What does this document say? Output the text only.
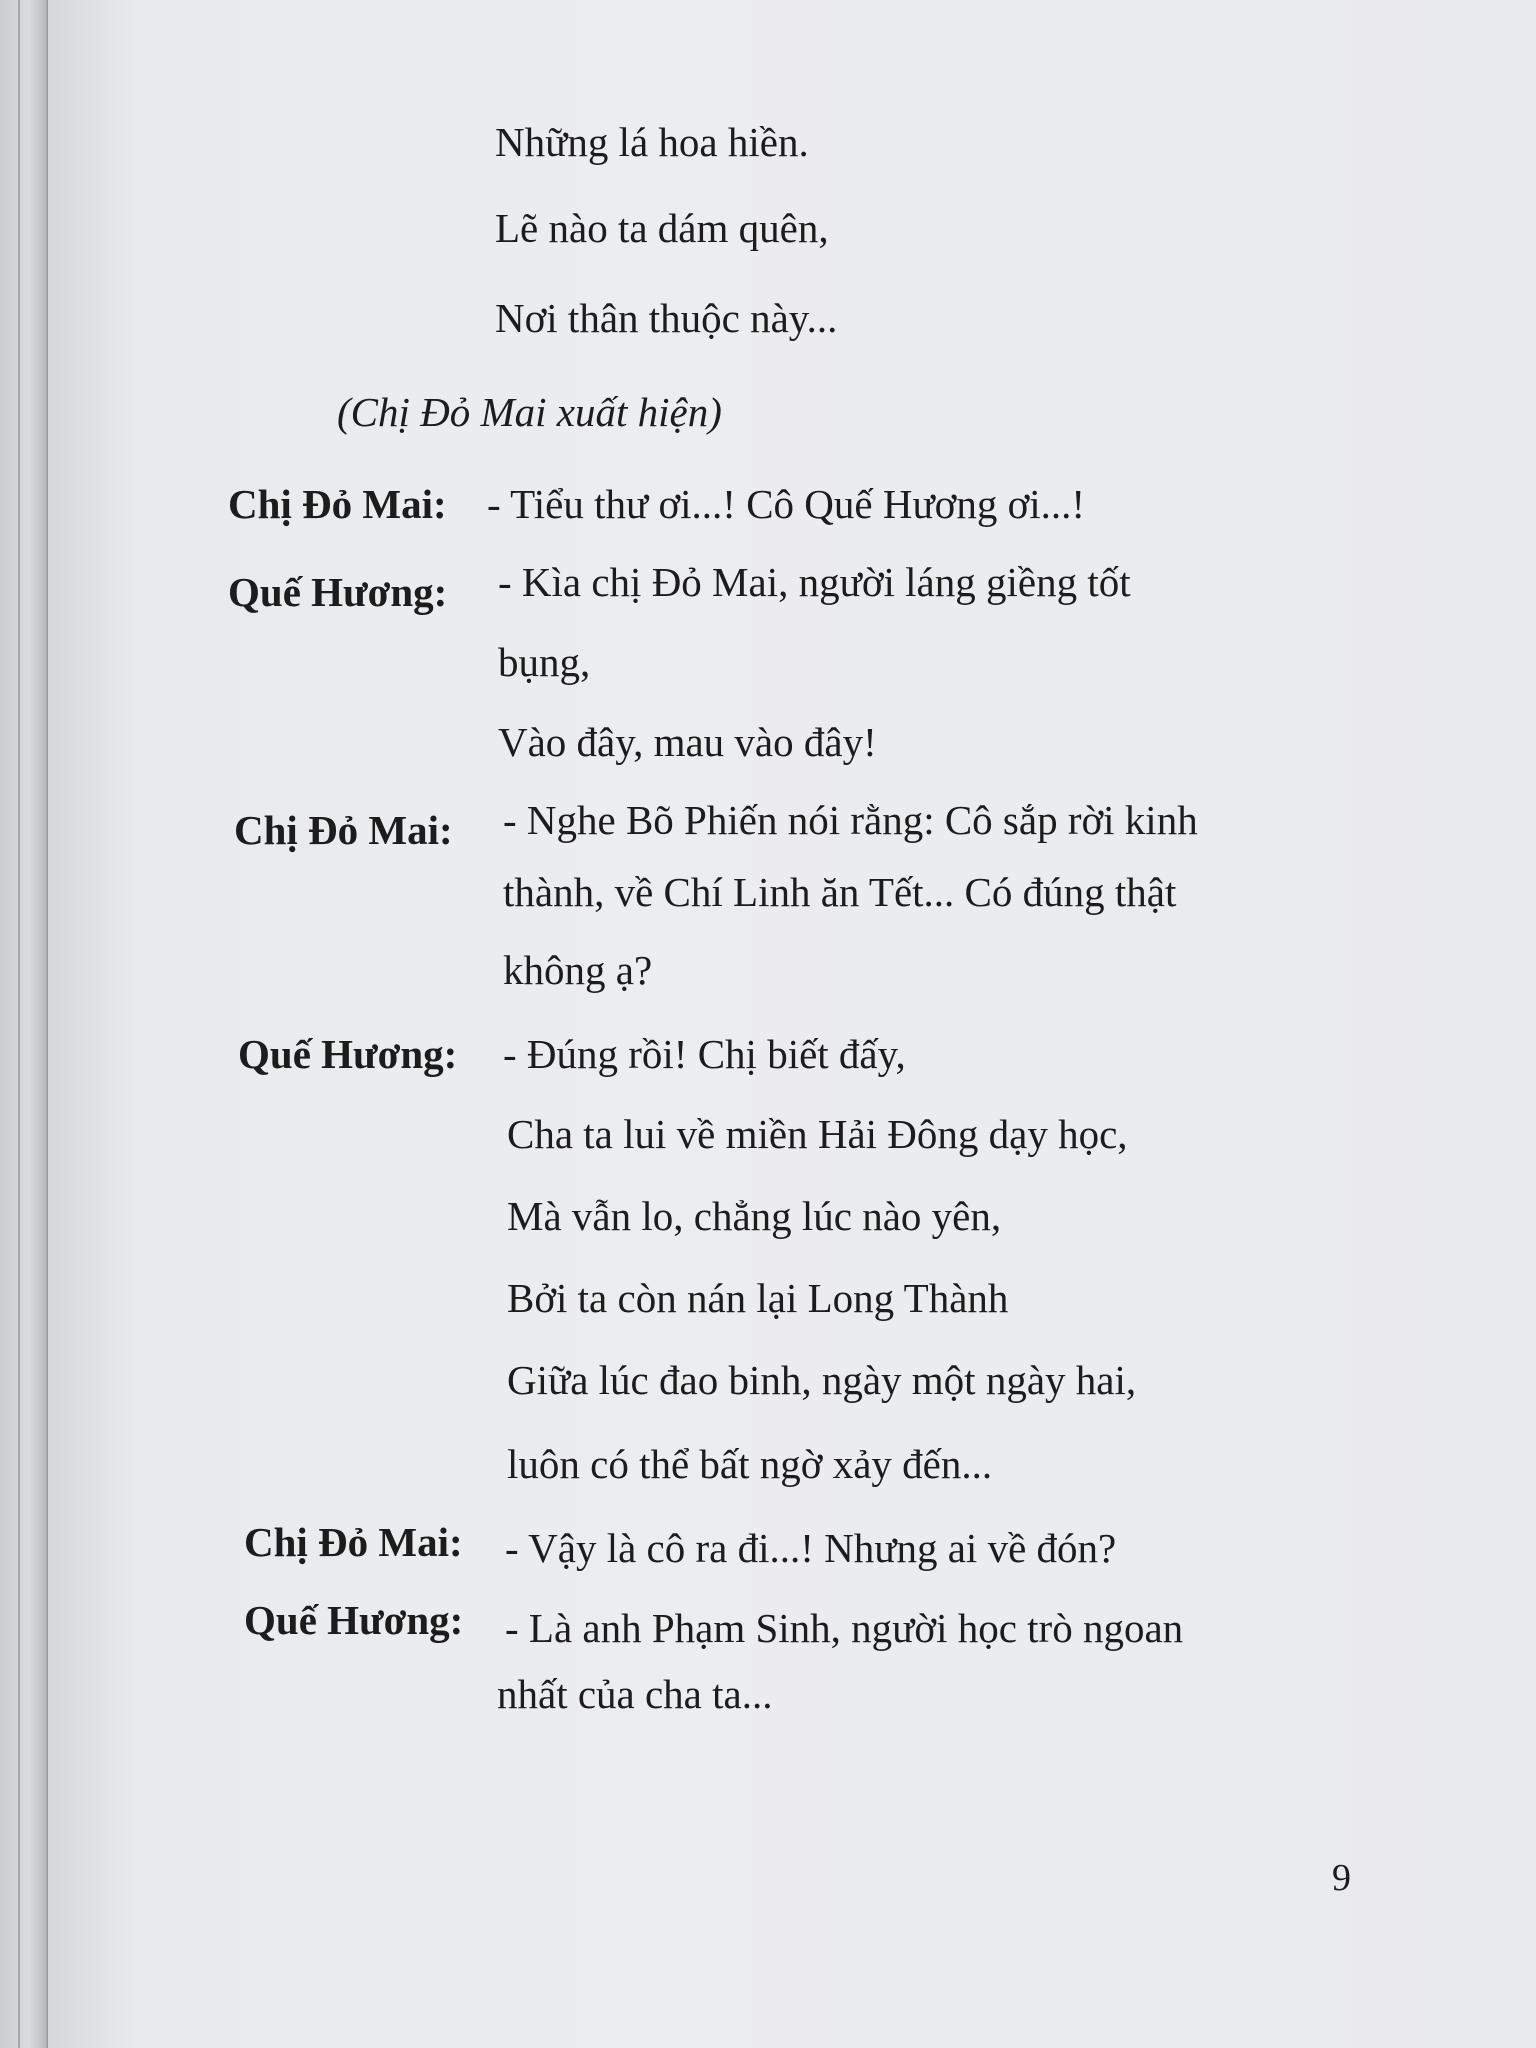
Những lá hoa hiền.
Lẽ nào ta dám quên,
Nơi thân thuộc này...
(Chị Đỏ Mai xuất hiện)
Chị Đỏ Mai: - Tiểu thư ơi...! Cô Quế Hương ơi...!
Quế Hương: - Kìa chị Đỏ Mai, người láng giềng tốt
bụng,
Vào đây, mau vào đây!
Chị Đỏ Mai: - Nghe Bõ Phiến nói rằng: Cô sắp rời kinh
thành, về Chí Linh ăn Tết... Có đúng thật
không ạ?
Quế Hương: - Đúng rồi! Chị biết đấy,
Cha ta lui về miền Hải Đông dạy học,
Mà vẫn lo, chẳng lúc nào yên,
Bởi ta còn nán lại Long Thành
Giữa lúc đao binh, ngày một ngày hai,
luôn có thể bất ngờ xảy đến...
Chị Đỏ Mai: - Vậy là cô ra đi...! Nhưng ai về đón?
Quế Hương: - Là anh Phạm Sinh, người học trò ngoan
nhất của cha ta...
9
